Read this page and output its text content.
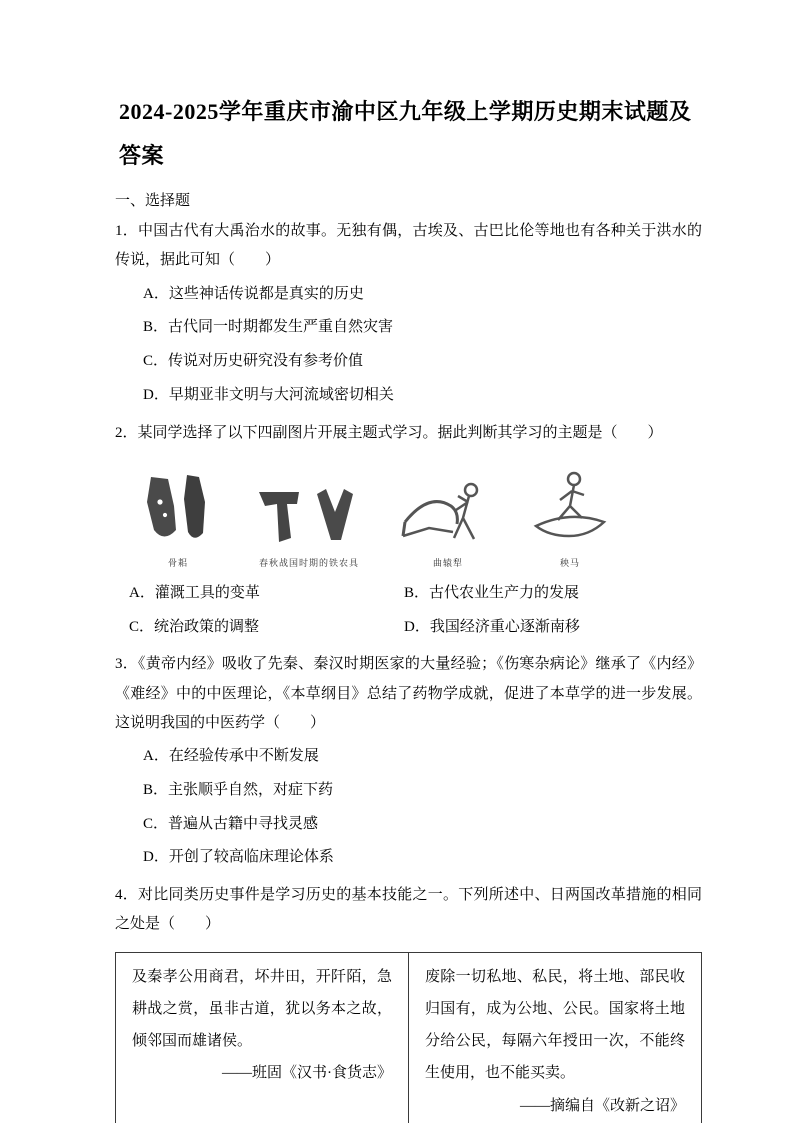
2024-2025学年重庆市渝中区九年级上学期历史期末试题及答案
一、选择题

1．中国古代有大禹治水的故事。无独有偶，古埃及、古巴比伦等地也有各种关于洪水的传说，据此可知（　　）

A．这些神话传说都是真实的历史
B．古代同一时期都发生严重自然灾害
C．传说对历史研究没有参考价值
D．早期亚非文明与大河流域密切相关

2．某同学选择了以下四副图片开展主题式学习。据此判断其学习的主题是（　　）

骨耜	春秋战国时期的铁农具	曲辕犁	秧马
A．灌溉工具的变革	B．古代农业生产力的发展
C．统治政策的调整	D．我国经济重心逐渐南移

3．《黄帝内经》吸收了先秦、秦汉时期医家的大量经验；《伤寒杂病论》继承了《内经》《难经》中的中医理论，《本草纲目》总结了药物学成就，促进了本草学的进一步发展。这说明我国的中医药学（　　）

A．在经验传承中不断发展
B．主张顺乎自然，对症下药
C．普遍从古籍中寻找灵感
D．开创了较高临床理论体系

4．对比同类历史事件是学习历史的基本技能之一。下列所述中、日两国改革措施的相同之处是（　　）

及秦孝公用商君，坏井田，开阡陌，急耕战之赏，虽非古道，犹以务本之故，倾邻国而雄诸侯。
——班固《汉书·食货志》

废除一切私地、私民，将土地、部民收归国有，成为公地、公民。国家将土地分给公民，每隔六年授田一次，不能终生使用，也不能买卖。
——摘编自《改新之诏》
